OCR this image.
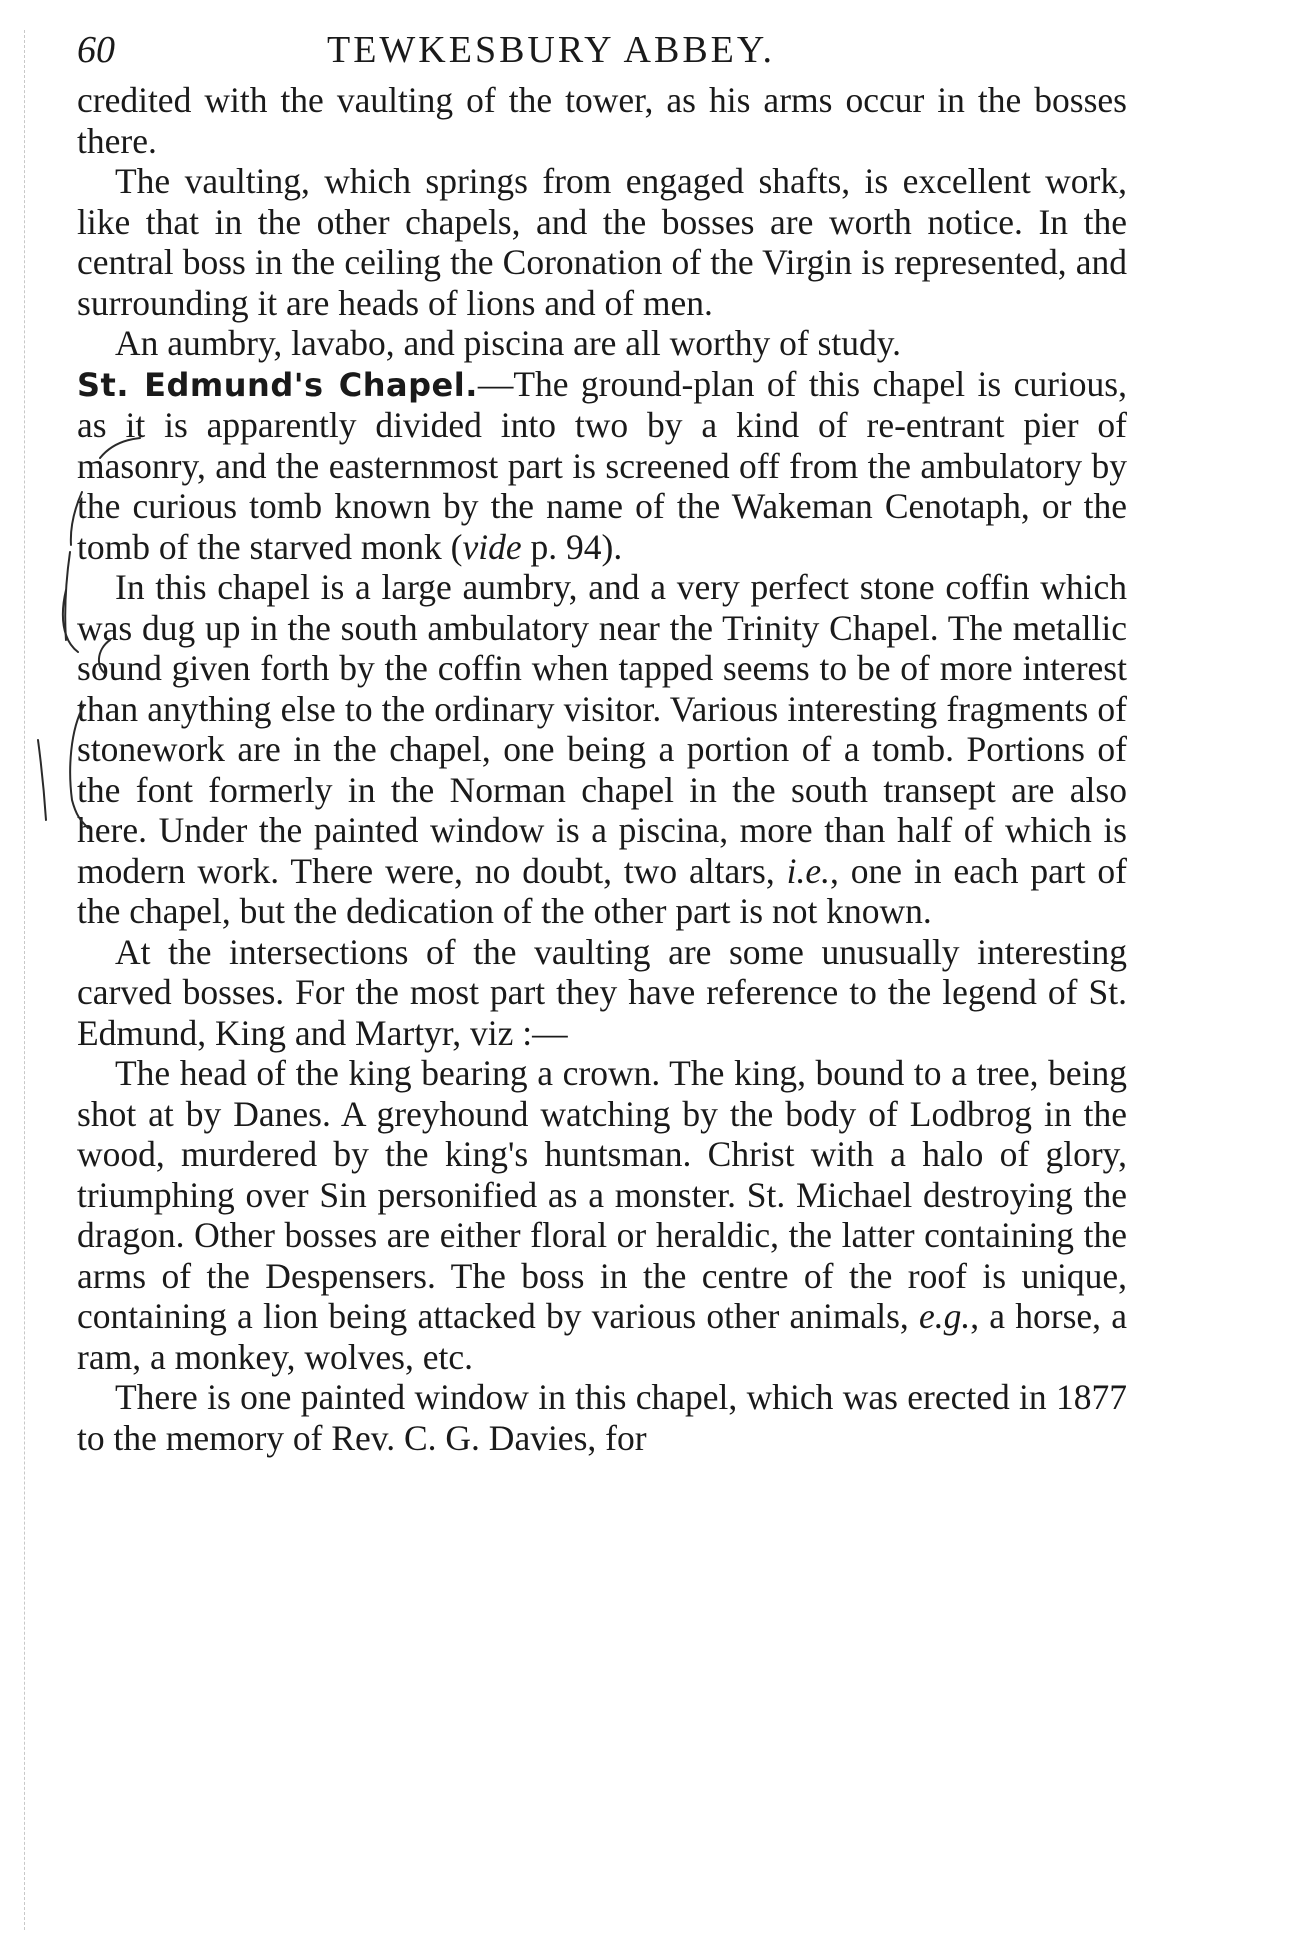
60	TEWKESBURY ABBEY.

credited with the vaulting of the tower, as his arms occur in the bosses there.

The vaulting, which springs from engaged shafts, is excellent work, like that in the other chapels, and the bosses are worth notice. In the central boss in the ceiling the Coronation of the Virgin is represented, and surrounding it are heads of lions and of men.

An aumbry, lavabo, and piscina are all worthy of study.

St. Edmund's Chapel.—The ground-plan of this chapel is curious, as it is apparently divided into two by a kind of re-entrant pier of masonry, and the easternmost part is screened off from the ambulatory by the curious tomb known by the name of the Wakeman Cenotaph, or the tomb of the starved monk (vide p. 94).

In this chapel is a large aumbry, and a very perfect stone coffin which was dug up in the south ambulatory near the Trinity Chapel. The metallic sound given forth by the coffin when tapped seems to be of more interest than anything else to the ordinary visitor. Various interesting fragments of stonework are in the chapel, one being a portion of a tomb. Portions of the font formerly in the Norman chapel in the south transept are also here. Under the painted window is a piscina, more than half of which is modern work. There were, no doubt, two altars, i.e., one in each part of the chapel, but the dedication of the other part is not known.

At the intersections of the vaulting are some unusually interesting carved bosses. For the most part they have reference to the legend of St. Edmund, King and Martyr, viz :—

The head of the king bearing a crown. The king, bound to a tree, being shot at by Danes. A greyhound watching by the body of Lodbrog in the wood, murdered by the king's huntsman. Christ with a halo of glory, triumphing over Sin personified as a monster. St. Michael destroying the dragon. Other bosses are either floral or heraldic, the latter containing the arms of the Despensers. The boss in the centre of the roof is unique, containing a lion being attacked by various other animals, e.g., a horse, a ram, a monkey, wolves, etc.

There is one painted window in this chapel, which was erected in 1877 to the memory of Rev. C. G. Davies, for
